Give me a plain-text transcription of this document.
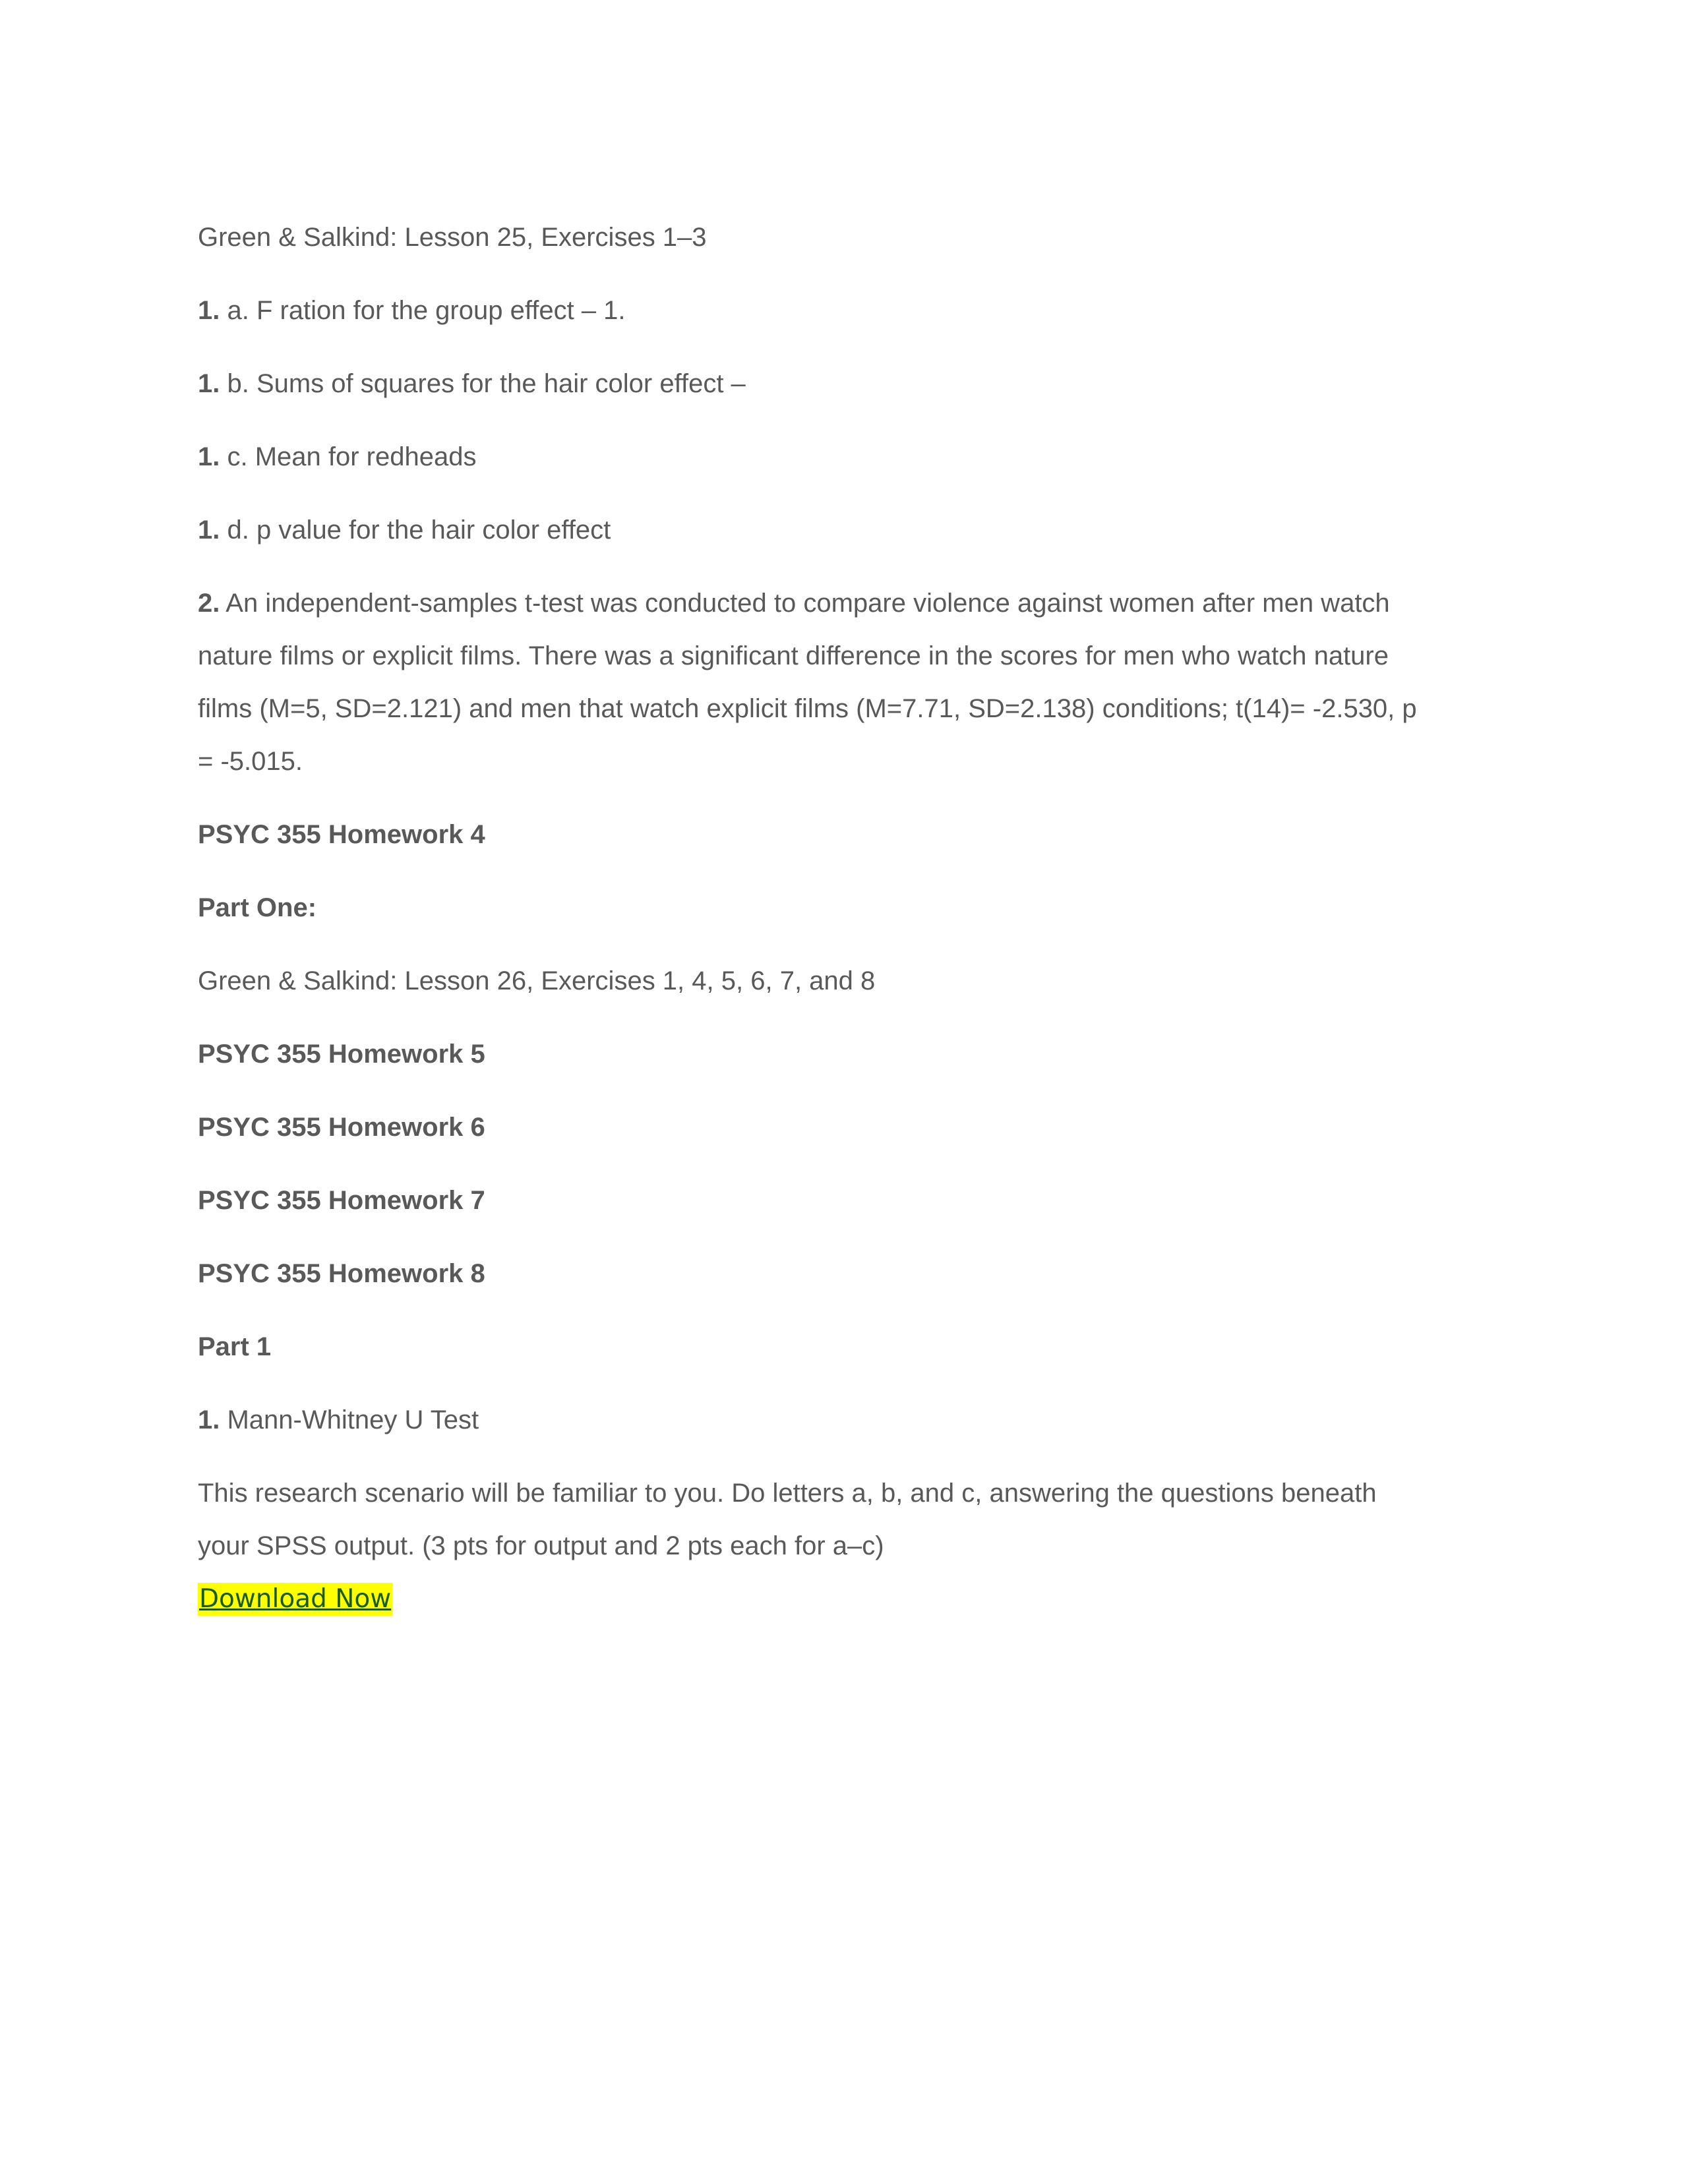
Green & Salkind: Lesson 25, Exercises 1–3
1. a. F ration for the group effect – 1.
1. b. Sums of squares for the hair color effect –
1. c. Mean for redheads
1. d. p value for the hair color effect
2. An independent-samples t-test was conducted to compare violence against women after men watch
nature films or explicit films. There was a significant difference in the scores for men who watch nature
films (M=5, SD=2.121) and men that watch explicit films (M=7.71, SD=2.138) conditions; t(14)= -2.530, p
= -5.015.
PSYC 355 Homework 4
Part One:
Green & Salkind: Lesson 26, Exercises 1, 4, 5, 6, 7, and 8
PSYC 355 Homework 5
PSYC 355 Homework 6
PSYC 355 Homework 7
PSYC 355 Homework 8
Part 1
1. Mann-Whitney U Test
This research scenario will be familiar to you. Do letters a, b, and c, answering the questions beneath
your SPSS output. (3 pts for output and 2 pts each for a–c)
Download Now
